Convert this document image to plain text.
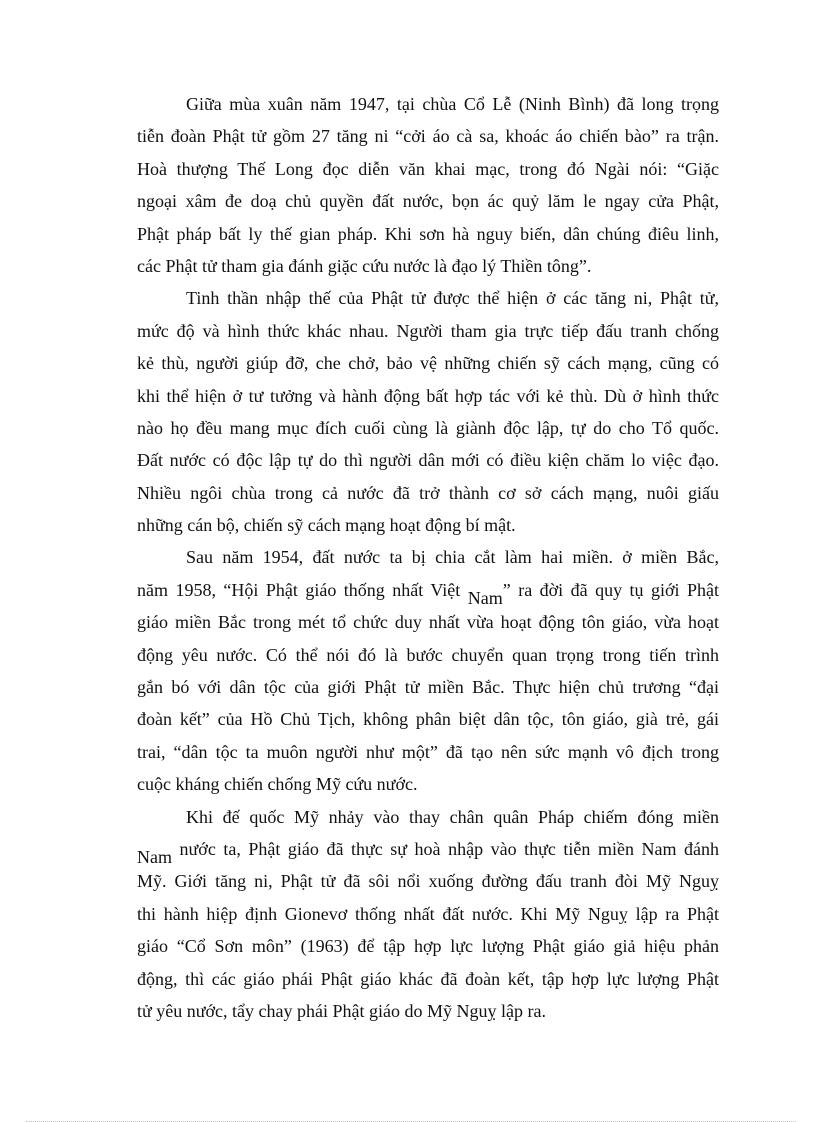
Giữa mùa xuân năm 1947, tại chùa Cổ Lễ (Ninh Bình) đã long trọng
tiễn đoàn Phật tử gồm 27 tăng ni “cởi áo cà sa, khoác áo chiến bào” ra trận.
Hoà thượng Thế Long đọc diễn văn khai mạc, trong đó Ngài nói: “Giặc
ngoại xâm đe doạ chủ quyền đất nước, bọn ác quỷ lăm le ngay cửa Phật,
Phật pháp bất ly thế gian pháp. Khi sơn hà nguy biến, dân chúng điêu linh,
các Phật tử tham gia đánh giặc cứu nước là đạo lý Thiền tông”.
Tinh thần nhập thế của Phật tử được thể hiện ở các tăng ni, Phật tử,
mức độ và hình thức khác nhau. Người tham gia trực tiếp đấu tranh chống
kẻ thù, người giúp đỡ, che chở, bảo vệ những chiến sỹ cách mạng, cũng có
khi thể hiện ở tư tưởng và hành động bất hợp tác với kẻ thù. Dù ở hình thức
nào họ đều mang mục đích cuối cùng là giành độc lập, tự do cho Tổ quốc.
Đất nước có độc lập tự do thì người dân mới có điều kiện chăm lo việc đạo.
Nhiều ngôi chùa trong cả nước đã trở thành cơ sở cách mạng, nuôi giấu
những cán bộ, chiến sỹ cách mạng hoạt động bí mật.
Sau năm 1954, đất nước ta bị chia cắt làm hai miền. ở miền Bắc,
năm 1958, “Hội Phật giáo thống nhất Việt Nam” ra đời đã quy tụ giới Phật
giáo miền Bắc trong mét tổ chức duy nhất vừa hoạt động tôn giáo, vừa hoạt
động yêu nước. Có thể nói đó là bước chuyển quan trọng trong tiến trình
gắn bó với dân tộc của giới Phật tử miền Bắc. Thực hiện chủ trương “đại
đoàn kết” của Hồ Chủ Tịch, không phân biệt dân tộc, tôn giáo, già trẻ, gái
trai, “dân tộc ta muôn người như một” đã tạo nên sức mạnh vô địch trong
cuộc kháng chiến chống Mỹ cứu nước.
Khi đế quốc Mỹ nhảy vào thay chân quân Pháp chiếm đóng miền
Nam nước ta, Phật giáo đã thực sự hoà nhập vào thực tiễn miền Nam đánh
Mỹ. Giới tăng ni, Phật tử đã sôi nổi xuống đường đấu tranh đòi Mỹ Nguỵ
thi hành hiệp định Gionevơ thống nhất đất nước. Khi Mỹ Nguỵ lập ra Phật
giáo “Cổ Sơn môn” (1963) để tập hợp lực lượng Phật giáo giả hiệu phản
động, thì các giáo phái Phật giáo khác đã đoàn kết, tập hợp lực lượng Phật
tử yêu nước, tẩy chay phái Phật giáo do Mỹ Nguỵ lập ra.
